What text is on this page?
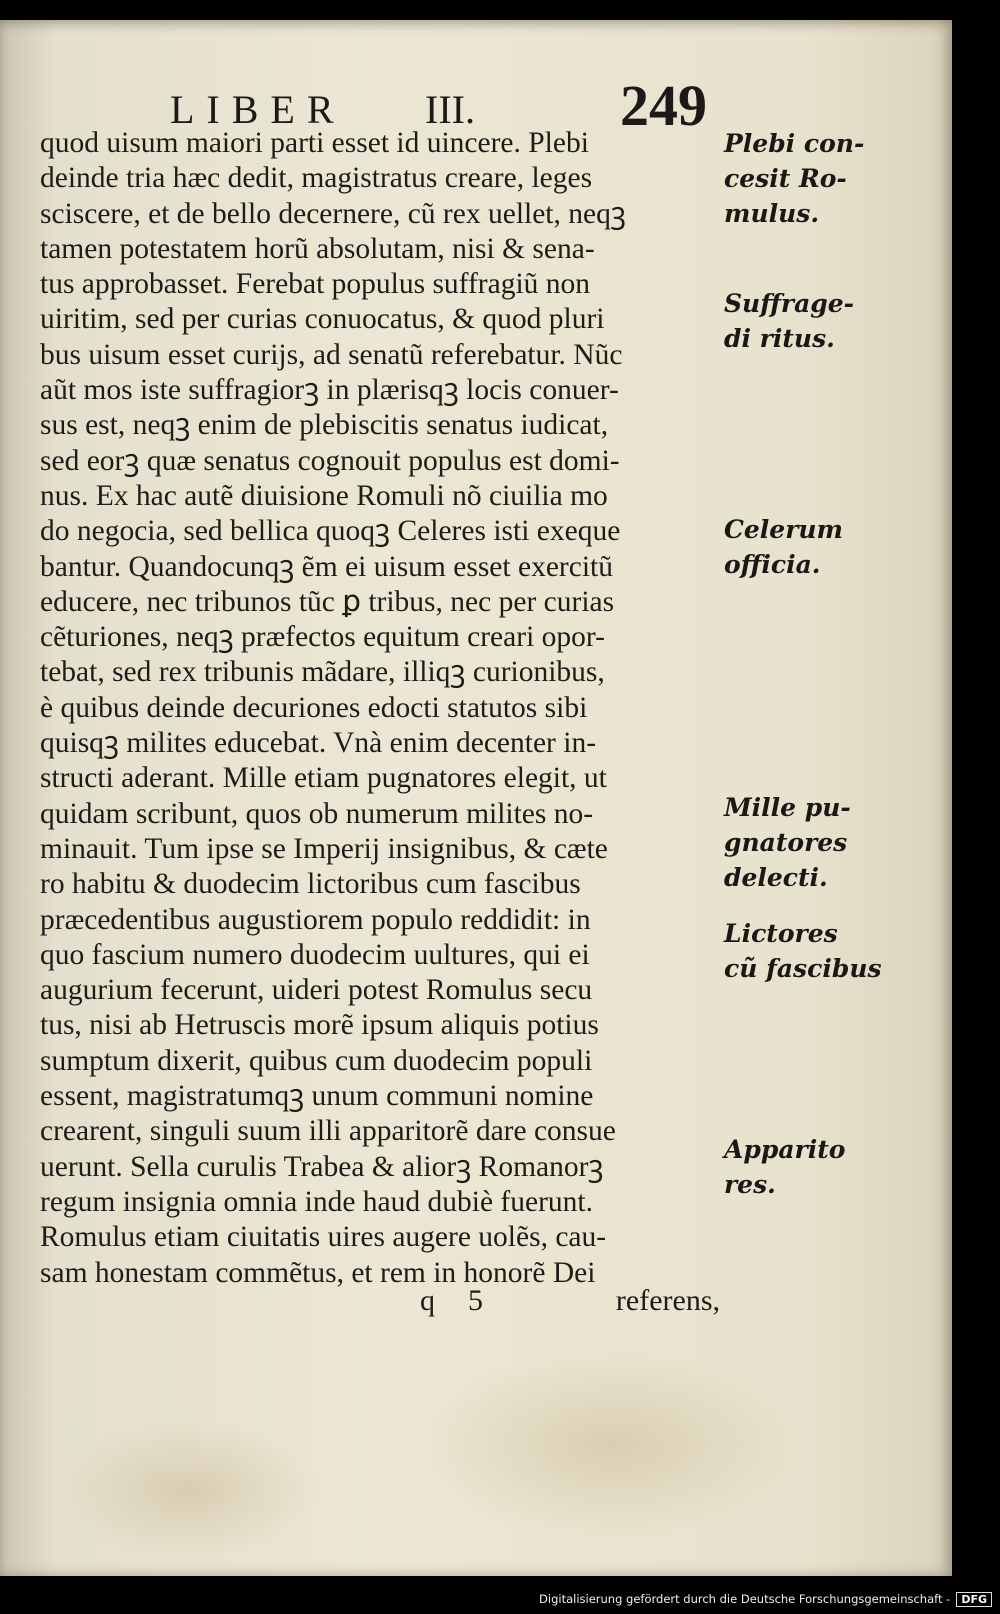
LIBER III.	249
quod uisum maiori parti esset id uincere. Plebi
deinde tria hæc dedit, magistratus creare, leges
sciscere, et de bello decernere, cũ rex uellet, neqꝫ
tamen potestatem horũ absolutam, nisi & sena-
tus approbasset. Ferebat populus suffragiũ non
uiritim, sed per curias conuocatus, & quod pluri
bus uisum esset curijs, ad senatũ referebatur. Nũc
aũt mos iste suffragiorꝫ in plærisqꝫ locis conuer-
sus est, neqꝫ enim de plebiscitis senatus iudicat,
sed eorꝫ quæ senatus cognouit populus est domi-
nus. Ex hac autẽ diuisione Romuli nõ ciuilia mo
do negocia, sed bellica quoqꝫ Celeres isti exeque
bantur. Quandocunqꝫ ẽm ei uisum esset exercitũ
educere, nec tribunos tũc ꝑ tribus, nec per curias
cẽturiones, neqꝫ præfectos equitum creari opor-
tebat, sed rex tribunis mãdare, illiqꝫ curionibus,
è quibus deinde decuriones edocti statutos sibi
quisqꝫ milites educebat. Vnà enim decenter in-
structi aderant. Mille etiam pugnatores elegit, ut
quidam scribunt, quos ob numerum milites no-
minauit. Tum ipse se Imperij insignibus, & cæte
ro habitu & duodecim lictoribus cum fascibus
præcedentibus augustiorem populo reddidit: in
quo fascium numero duodecim uultures, qui ei
augurium fecerunt, uideri potest Romulus secu
tus, nisi ab Hetruscis morẽ ipsum aliquis potius
sumptum dixerit, quibus cum duodecim populi
essent, magistratumqꝫ unum communi nomine
crearent, singuli suum illi apparitorẽ dare consue
uerunt. Sella curulis Trabea & aliorꝫ Romanorꝫ
regum insignia omnia inde haud dubiè fuerunt.
Romulus etiam ciuitatis uires augere uolẽs, cau-
sam honestam commẽtus, et rem in honorẽ Dei
Plebi con-
cesit Ro-
mulus.
Suffrage-
di ritus.
Celerum
officia.
Mille pu-
gnatores
delecti.
Lictores
cũ fascibus
Apparito
res.
q 5	referens,
Digitalisierung gefördert durch die Deutsche Forschungsgemeinschaft -	DFG
